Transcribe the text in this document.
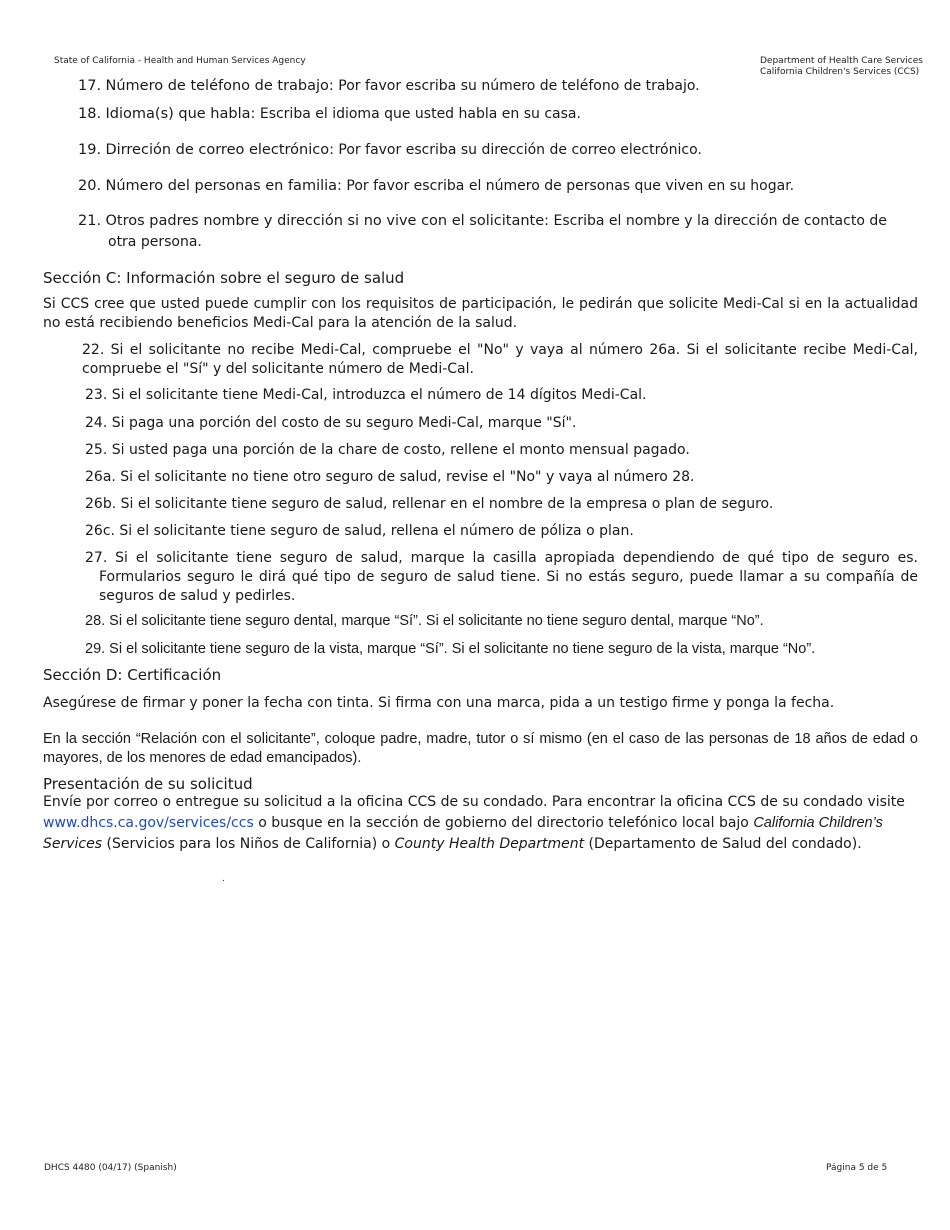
State of California - Health and Human Services Agency	Department of Health Care Services
California Children's Services (CCS)
17. Número de teléfono de trabajo: Por favor escriba su número de teléfono de trabajo.
18. Idioma(s) que habla: Escriba el idioma que usted habla en su casa.
19. Dirreción de correo electrónico: Por favor escriba su dirección de correo electrónico.
20. Número del personas en familia: Por favor escriba el número de personas que viven en su hogar.
21. Otros padres nombre y dirección si no vive con el solicitante: Escriba el nombre y la dirección de contacto de
otra persona.
Sección C: Información sobre el seguro de salud
Si CCS cree que usted puede cumplir con los requisitos de participación, le pedirán que solicite Medi-Cal si en la actualidad no está recibiendo beneficios Medi-Cal para la atención de la salud.
22. Si el solicitante no recibe Medi-Cal, compruebe el "No" y vaya al número 26a. Si el solicitante recibe Medi-Cal, compruebe el "Sí" y del solicitante número de Medi-Cal.
23. Si el solicitante tiene Medi-Cal, introduzca el número de 14 dígitos Medi-Cal.
24. Si paga una porción del costo de su seguro Medi-Cal, marque "Sí".
25. Si usted paga una porción de la chare de costo, rellene el monto mensual pagado.
26a. Si el solicitante no tiene otro seguro de salud, revise el "No" y vaya al número 28.
26b. Si el solicitante tiene seguro de salud, rellenar en el nombre de la empresa o plan de seguro.
26c. Si el solicitante tiene seguro de salud, rellena el número de póliza o plan.
27. Si el solicitante tiene seguro de salud, marque la casilla apropiada dependiendo de qué tipo de seguro es. Formularios seguro le dirá qué tipo de seguro de salud tiene. Si no estás seguro, puede llamar a su compañía de seguros de salud y pedirles.
28. Si el solicitante tiene seguro dental, marque “Sí”. Si el solicitante no tiene seguro dental, marque “No”.
29. Si el solicitante tiene seguro de la vista, marque “Sí”. Si el solicitante no tiene seguro de la vista, marque “No”.
Sección D: Certificación
Asegúrese de firmar y poner la fecha con tinta. Si firma con una marca, pida a un testigo firme y ponga la fecha.
En la sección “Relación con el solicitante”, coloque padre, madre, tutor o sí mismo (en el caso de las personas de 18 años de edad o mayores, de los menores de edad emancipados).
Presentación de su solicitud
Envíe por correo o entregue su solicitud a la oficina CCS de su condado. Para encontrar la oficina CCS de su condado visite
www.dhcs.ca.gov/services/ccs o busque en la sección de gobierno del directorio telefónico local bajo California Children’s
Services (Servicios para los Niños de California) o County Health Department (Departamento de Salud del condado).
.
DHCS 4480 (04/17) (Spanish)	Página 5 de 5
